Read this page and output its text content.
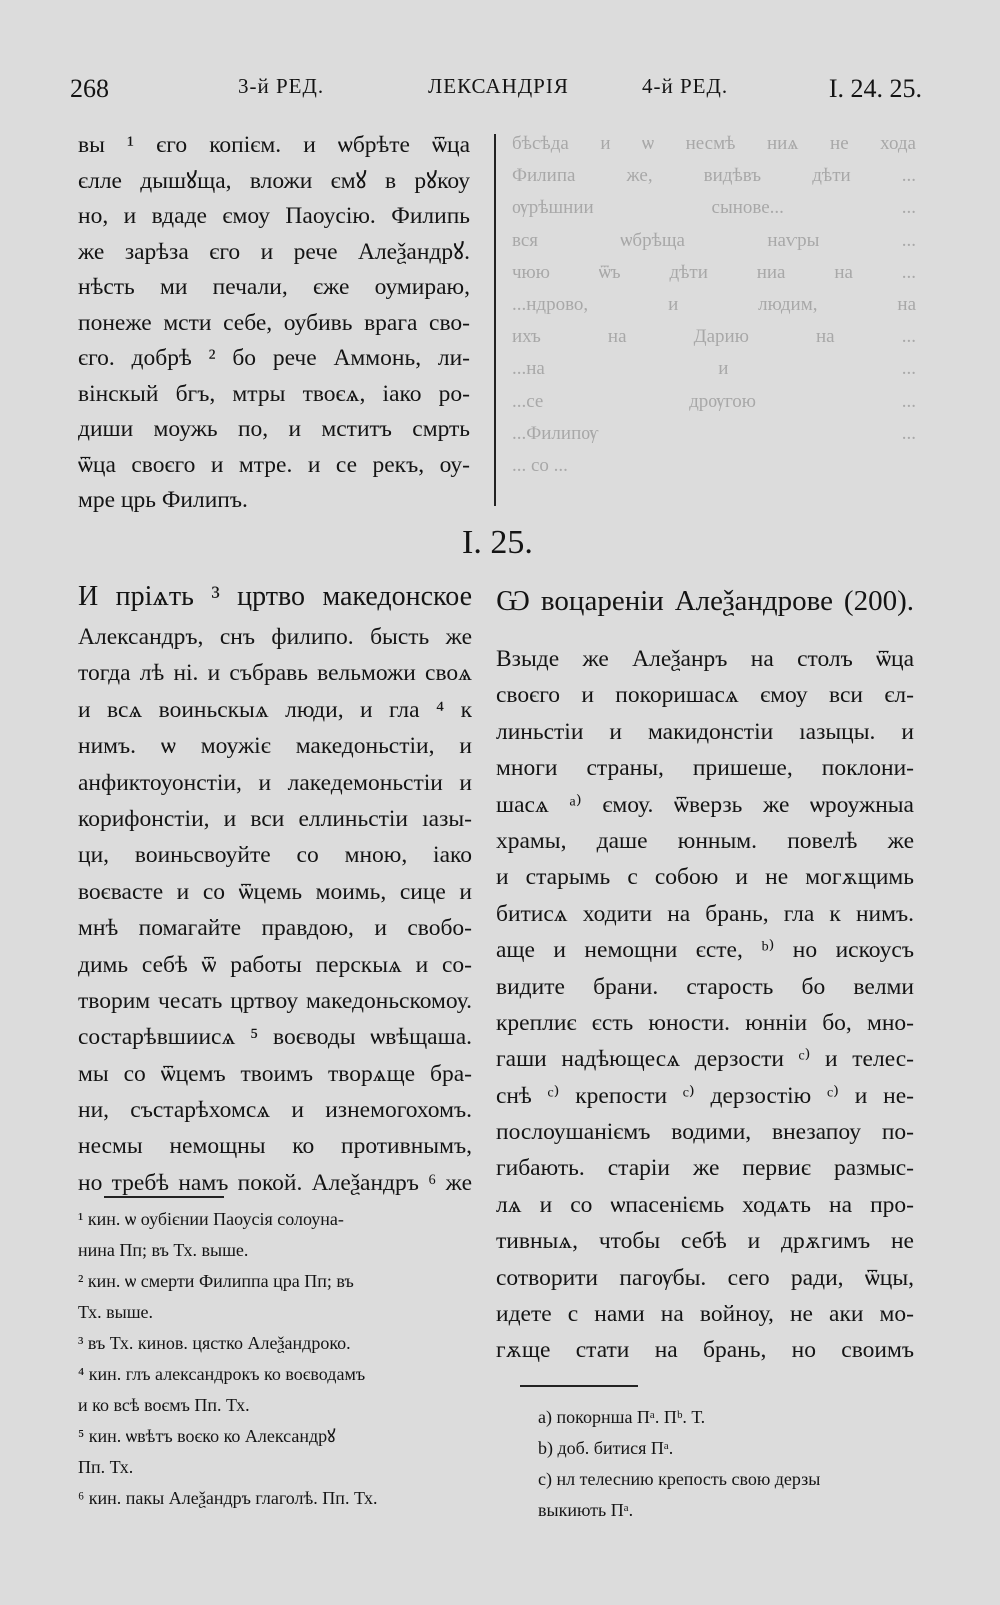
268	3-й РЕД.	ЛЕКСАНДРІЯ	4-й РЕД.	I. 24. 25.
вы ¹ єго копієм. и ѡбрѣте ѿца
єлле дышꙋща, вложи ємꙋ в рꙋкоу
но, и вдаде ємоу Паоусію. Филипь
же зарѣза єго и рече Алеѯандрꙋ.
нѣсть ми печали, єже оумираю,
понеже мсти себе, оубивь врага сво-
єго. добрѣ ² бо рече Аммонь, ли-
вінскый бгъ, мтры твоєѧ, іако ро-
диши моужь по, и мститъ смрть
ѿца своєго и мтре. и се рекъ, оу-
мре црь Филипъ.
бѣсѣда и ѡ несмѣ ниѧ не хода
Филипа же, видѣвъ дѣти ...
ѹрѣшнии сынове... ...
вся ѡбрѣща наѵры ...
чюю ѿъ дѣти ниа на ...
...ндрово, и людим, на
ихъ на Дарию на ...
...на и ...
...се дрѹгою ...
...Филипѹ ...
... со ...
I. 25.
И пріѧть ³ цртво македонское
Александръ, снъ филипо. бысть же
тогда лѣ ні. и събравь вельможи своѧ
и всѧ воиньскыѧ люди, и гла ⁴ к
нимъ. ѡ моужіє македоньстіи, и
анфиктоуонстіи, и лакедемоньстіи и
корифонстіи, и вси еллиньстіи ıазы-
ци, воиньсвоуйте со мною, іако
воєвасте и со ѿцемь моимь, сице и
мнѣ помагайте правдою, и свобо-
димь себѣ ѿ работы перскыѧ и со-
творим чесать цртвоу македоньскомоу.
состарѣвшиисѧ ⁵ воєводы ѡвѣщаша.
мы со ѿцемъ твоимъ творѧще бра-
ни, състарѣхомсѧ и изнемогохомъ.
несмы немощны ко противнымъ,
но требѣ намъ покой. Алеѯандръ ⁶ же
Ѡ воцареніи Алеѯандрове (200).
Взыде же Алеѯанръ на столъ ѿца
своєго и покоришасѧ ємоу вси єл-
линьстіи и макидонстіи ıазыцы. и
многи страны, пришеше, поклони-
шасѧ ᵃ⁾ ємоу. ѿверзь же ѡроужныа
храмы, дашe юнным. повелѣ же
и старымь с собою и не могѫщимь
битисѧ ходити на брань, гла к нимъ.
аще и немощни єсте, ᵇ⁾ но искоусъ
видите брани. старость бо велми
креплиє єсть юности. юнніи бо, мно-
гаши надѣющесѧ дерзости ᶜ⁾ и телес-
снѣ ᶜ⁾ крепости ᶜ⁾ дерзостію ᶜ⁾ и не-
послоушаніємъ водими, внезапоу по-
гибають. старіи же первиє размыс-
лѧ и со ѡпасеніємь ходѧть на про-
тивныѧ, чтобы себѣ и дрѫгимъ не
сотворити пагѹбы. сего ради, ѿцы,
идете с нами на войноу, не аки мо-
гѫще стати на брань, но своимъ
¹ кин. ѡ оубієнии Паоусія солоуна-
нина Пп; въ Тх. выше.
² кин. ѡ смерти Филиппа цра Пп; въ
Тх. выше.
³ въ Тх. кинов. цястко Алеѯандроко.
⁴ кин. глъ александрокъ ко воєводамъ
и ко всѣ воємъ Пп. Тх.
⁵ кин. ѡвѣтъ воєко ко Александрꙋ
Пп. Тх.
⁶ кин. пакы Алеѯандръ глаголѣ. Пп. Тх.
a) покорнша Пᵃ. Пᵇ. Т.
b) доб. битися Пᵃ.
c) нл телеснию крепость свою дерзы
выкиють Пᵃ.
